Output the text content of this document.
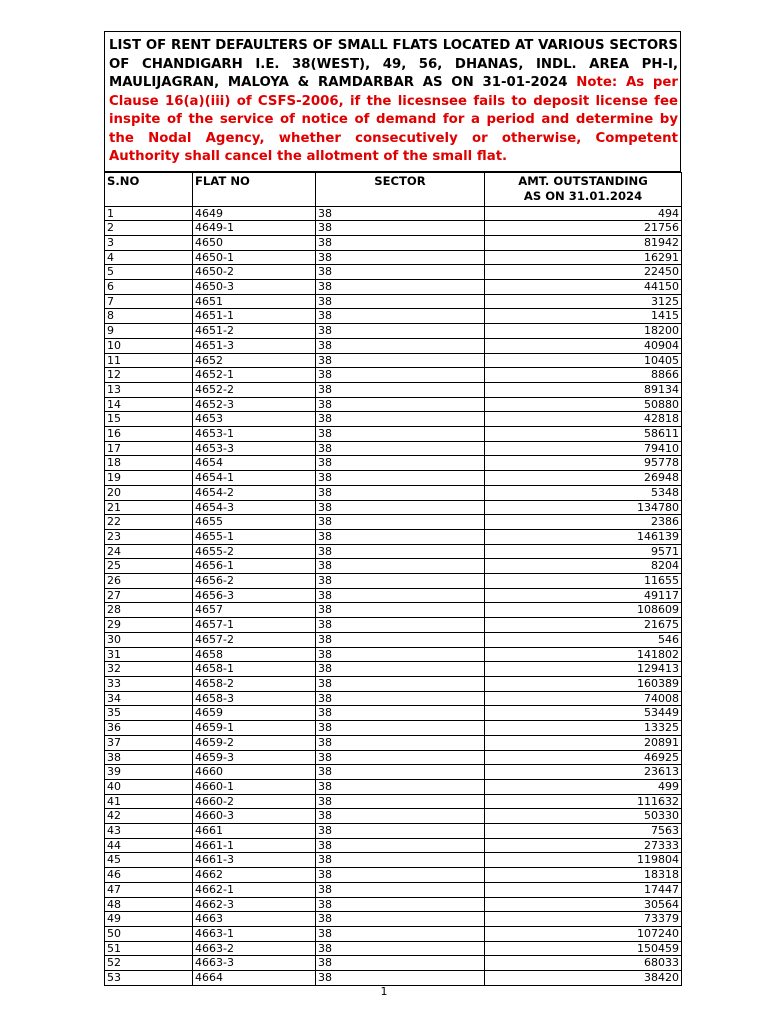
LIST OF RENT DEFAULTERS OF SMALL FLATS LOCATED AT VARIOUS SECTORS OF CHANDIGARH I.E. 38(WEST), 49, 56, DHANAS, INDL. AREA PH-I, MAULIJAGRAN, MALOYA & RAMDARBAR AS ON 31-01-2024 Note: As per Clause 16(a)(iii) of CSFS-2006, if the licesnsee fails to deposit license fee inspite of the service of notice of demand for a period and determine by the Nodal Agency, whether consecutively or otherwise, Competent Authority shall cancel the allotment of the small flat.
S.NO	FLAT NO	SECTOR	AMT. OUTSTANDING
AS ON 31.01.2024
1	4649	38	494
2	4649-1	38	21756
3	4650	38	81942
4	4650-1	38	16291
5	4650-2	38	22450
6	4650-3	38	44150
7	4651	38	3125
8	4651-1	38	1415
9	4651-2	38	18200
10	4651-3	38	40904
11	4652	38	10405
12	4652-1	38	8866
13	4652-2	38	89134
14	4652-3	38	50880
15	4653	38	42818
16	4653-1	38	58611
17	4653-3	38	79410
18	4654	38	95778
19	4654-1	38	26948
20	4654-2	38	5348
21	4654-3	38	134780
22	4655	38	2386
23	4655-1	38	146139
24	4655-2	38	9571
25	4656-1	38	8204
26	4656-2	38	11655
27	4656-3	38	49117
28	4657	38	108609
29	4657-1	38	21675
30	4657-2	38	546
31	4658	38	141802
32	4658-1	38	129413
33	4658-2	38	160389
34	4658-3	38	74008
35	4659	38	53449
36	4659-1	38	13325
37	4659-2	38	20891
38	4659-3	38	46925
39	4660	38	23613
40	4660-1	38	499
41	4660-2	38	111632
42	4660-3	38	50330
43	4661	38	7563
44	4661-1	38	27333
45	4661-3	38	119804
46	4662	38	18318
47	4662-1	38	17447
48	4662-3	38	30564
49	4663	38	73379
50	4663-1	38	107240
51	4663-2	38	150459
52	4663-3	38	68033
53	4664	38	38420
1
